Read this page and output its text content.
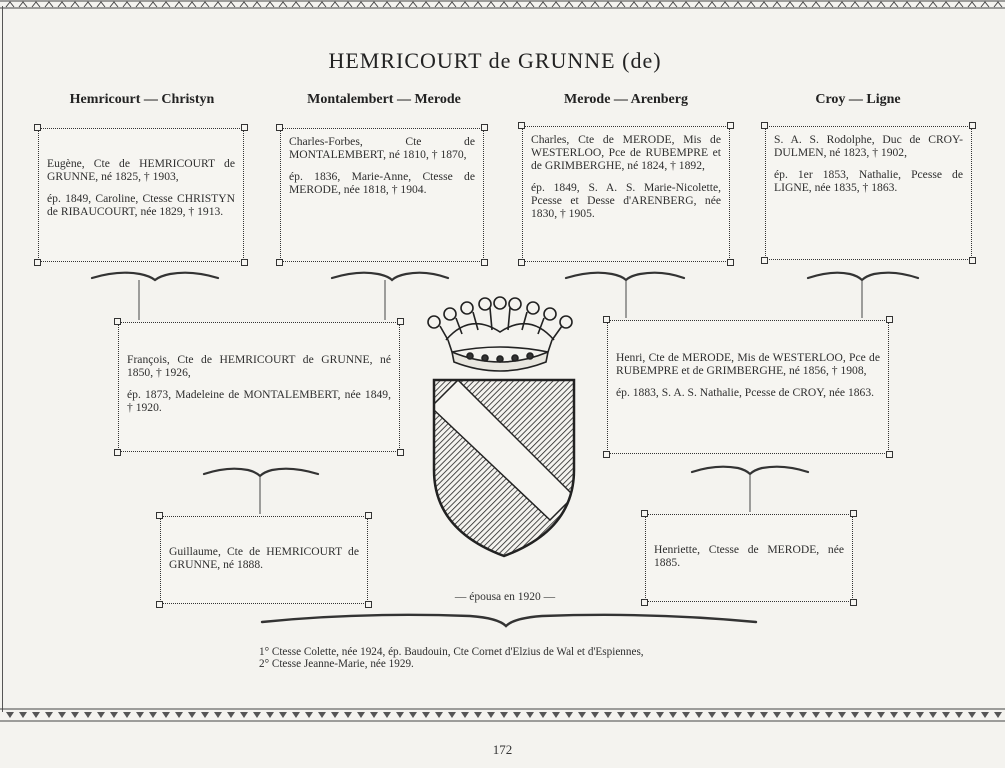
HEMRICOURT de GRUNNE (de)
Hemricourt — Christyn	Montalembert — Merode	Merode — Arenberg	Croy — Ligne

Eugène, Cte de HEMRICOURT de GRUNNE, né 1825, † 1903,

ép. 1849, Caroline, Ctesse CHRISTYN de RIBAUCOURT, née 1829, † 1913.

Charles-Forbes, Cte de MONTALEMBERT, né 1810, † 1870,

ép. 1836, Marie-Anne, Ctesse de MERODE, née 1818, † 1904.

Charles, Cte de MERODE, Mis de WESTERLOO, Pce de RUBEMPRE et de GRIMBERGHE, né 1824, † 1892,

ép. 1849, S. A. S. Marie-Nicolette, Pcesse et Desse d'ARENBERG, née 1830, † 1905.

S. A. S. Rodolphe, Duc de CROY-DULMEN, né 1823, † 1902,

ép. 1er 1853, Nathalie, Pcesse de LIGNE, née 1835, † 1863.

François, Cte de HEMRICOURT de GRUNNE, né 1850, † 1926,

ép. 1873, Madeleine de MONTALEMBERT, née 1849, † 1920.

Henri, Cte de MERODE, Mis de WESTERLOO, Pce de RUBEMPRE et de GRIMBERGHE, né 1856, † 1908,

ép. 1883, S. A. S. Nathalie, Pcesse de CROY, née 1863.

Guillaume, Cte de HEMRICOURT de GRUNNE, né 1888.

Henriette, Ctesse de MERODE, née 1885.

— épousa en 1920 —
1° Ctesse Colette, née 1924, ép. Baudouin, Cte Cornet d'Elzius de Wal et d'Espiennes,
2° Ctesse Jeanne-Marie, née 1929.
172
